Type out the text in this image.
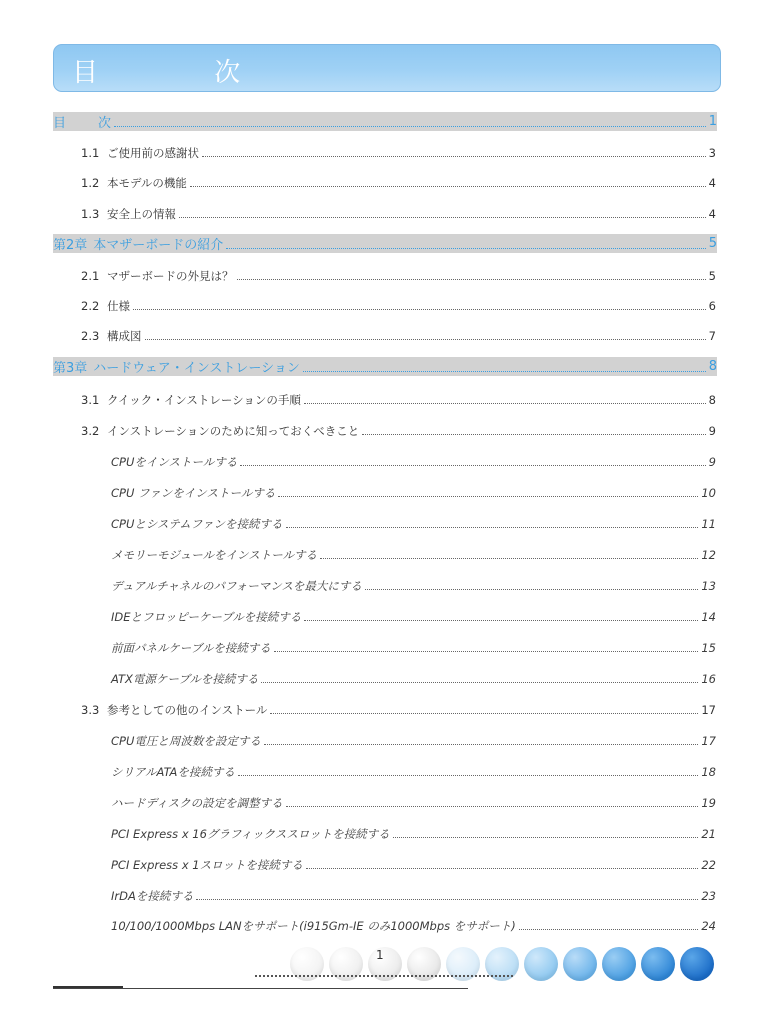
目 次
目 次	1
1.1 ご使用前の感謝状	3
1.2 本モデルの機能	4
1.3 安全上の情報	4
第2章 本マザーボードの紹介	5
2.1 マザーボードの外見は？	5
2.2 仕様	6
2.3 構成図	7
第3章 ハードウェア・インストレーション	8
3.1 クイック・インストレーションの手順	8
3.2 インストレーションのために知っておくべきこと	9
CPUをインストールする	9
CPU ファンをインストールする	10
CPUとシステムファンを接続する	11
メモリーモジュールをインストールする	12
デュアルチャネルのパフォーマンスを最大にする	13
IDEとフロッピーケーブルを接続する	14
前面パネルケーブルを接続する	15
ATX電源ケーブルを接続する	16
3.3 参考としての他のインストール	17
CPU電圧と周波数を設定する	17
シリアルATAを接続する	18
ハードディスクの設定を調整する	19
PCI Express x 16グラフィックススロットを接続する	21
PCI Express x 1スロットを接続する	22
IrDAを接続する	23
10/100/1000Mbps LANをサポート(i915Gm-IE のみ1000Mbps をサポート)	24
1
